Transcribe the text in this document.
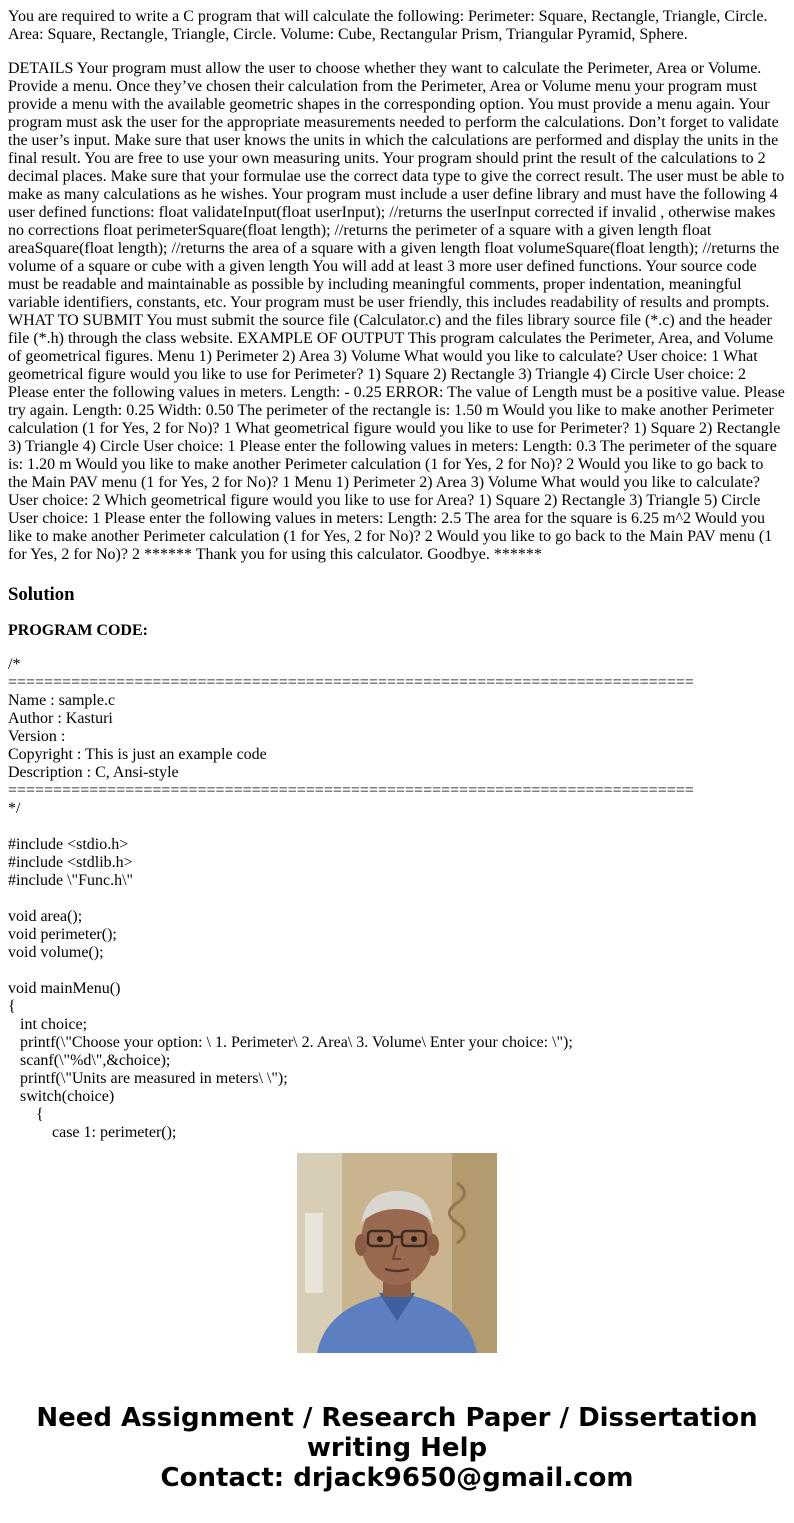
You are required to write a C program that will calculate the following: Perimeter: Square, Rectangle, Triangle, Circle. Area: Square, Rectangle, Triangle, Circle. Volume: Cube, Rectangular Prism, Triangular Pyramid, Sphere.

DETAILS Your program must allow the user to choose whether they want to calculate the Perimeter, Area or Volume. Provide a menu. Once they’ve chosen their calculation from the Perimeter, Area or Volume menu your program must provide a menu with the available geometric shapes in the corresponding option. You must provide a menu again. Your program must ask the user for the appropriate measurements needed to perform the calculations. Don’t forget to validate the user’s input. Make sure that user knows the units in which the calculations are performed and display the units in the final result. You are free to use your own measuring units. Your program should print the result of the calculations to 2 decimal places. Make sure that your formulae use the correct data type to give the correct result. The user must be able to make as many calculations as he wishes. Your program must include a user define library and must have the following 4 user defined functions: float validateInput(float userInput); //returns the userInput corrected if invalid , otherwise makes no corrections float perimeterSquare(float length); //returns the perimeter of a square with a given length float areaSquare(float length); //returns the area of a square with a given length float volumeSquare(float length); //returns the volume of a square or cube with a given length You will add at least 3 more user defined functions. Your source code must be readable and maintainable as possible by including meaningful comments, proper indentation, meaningful variable identifiers, constants, etc. Your program must be user friendly, this includes readability of results and prompts. WHAT TO SUBMIT You must submit the source file (Calculator.c) and the files library source file (*.c) and the header file (*.h) through the class website. EXAMPLE OF OUTPUT This program calculates the Perimeter, Area, and Volume of geometrical figures. Menu 1) Perimeter 2) Area 3) Volume What would you like to calculate? User choice: 1 What geometrical figure would you like to use for Perimeter? 1) Square 2) Rectangle 3) Triangle 4) Circle User choice: 2 Please enter the following values in meters. Length: - 0.25 ERROR: The value of Length must be a positive value. Please try again. Length: 0.25 Width: 0.50 The perimeter of the rectangle is: 1.50 m Would you like to make another Perimeter calculation (1 for Yes, 2 for No)? 1 What geometrical figure would you like to use for Perimeter? 1) Square 2) Rectangle 3) Triangle 4) Circle User choice: 1 Please enter the following values in meters: Length: 0.3 The perimeter of the square is: 1.20 m Would you like to make another Perimeter calculation (1 for Yes, 2 for No)? 2 Would you like to go back to the Main PAV menu (1 for Yes, 2 for No)? 1 Menu 1) Perimeter 2) Area 3) Volume What would you like to calculate? User choice: 2 Which geometrical figure would you like to use for Area? 1) Square 2) Rectangle 3) Triangle 5) Circle User choice: 1 Please enter the following values in meters: Length: 2.5 The area for the square is 6.25 m^2 Would you like to make another Perimeter calculation (1 for Yes, 2 for No)? 2 Would you like to go back to the Main PAV menu (1 for Yes, 2 for No)? 2 ****** Thank you for using this calculator. Goodbye. ******

Solution

PROGRAM CODE:

/*
============================================================================
Name : sample.c
Author : Kasturi
Version :
Copyright : This is just an example code
Description : C, Ansi-style
============================================================================
*/
#include <stdio.h>
#include <stdlib.h>
#include \"Func.h\"
void area();
void perimeter();
void volume();
void mainMenu()
{
int choice;
printf(\"Choose your option: \ 1. Perimeter\ 2. Area\ 3. Volume\ Enter your choice: \");
scanf(\"%d\",&choice);
printf(\"Units are measured in meters\ \");
switch(choice)
{
case 1: perimeter();
Need Assignment / Research Paper / Dissertation
writing Help
Contact: drjack9650@gmail.com
